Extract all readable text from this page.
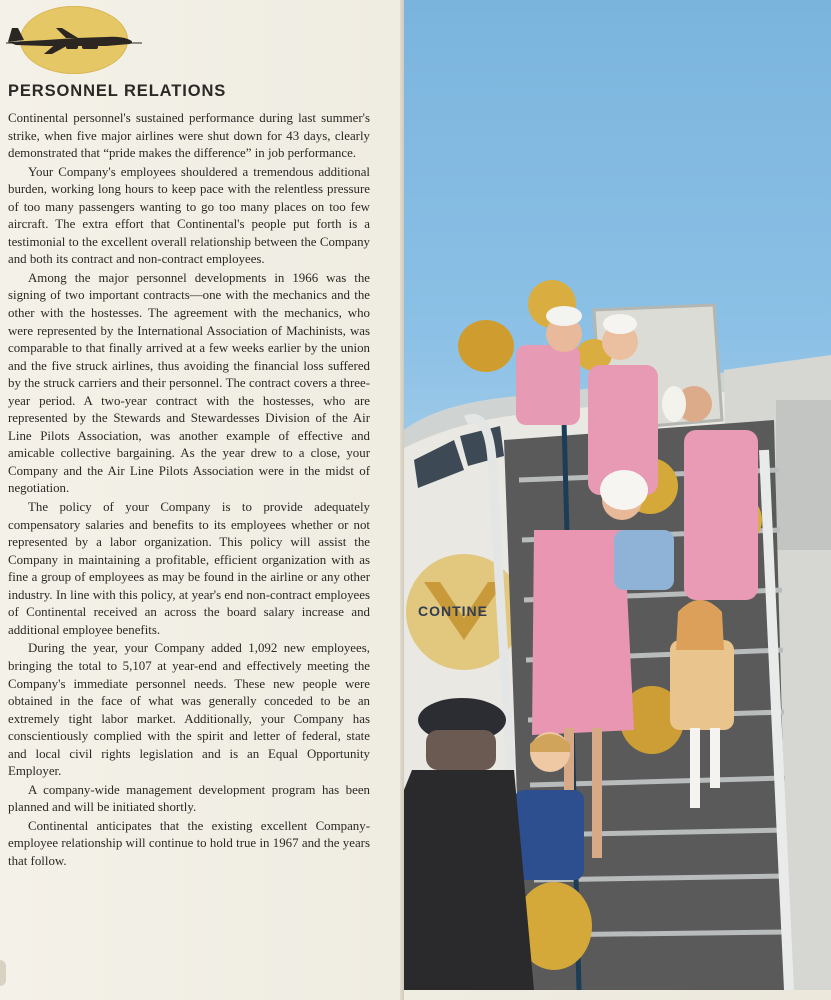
PERSONNEL RELATIONS

Continental personnel's sustained performance during last summer's strike, when five major airlines were shut down for 43 days, clearly demonstrated that “pride makes the difference” in job performance.

Your Company's employees shouldered a tremendous additional burden, working long hours to keep pace with the relentless pressure of too many passengers wanting to go too many places on too few aircraft. The extra effort that Continental's people put forth is a testimonial to the excellent overall relationship between the Company and both its contract and non-contract employees.

Among the major personnel developments in 1966 was the signing of two important contracts—one with the mechanics and the other with the hostesses. The agreement with the mechanics, who were represented by the International Association of Machinists, was comparable to that finally arrived at a few weeks earlier by the union and the five struck airlines, thus avoiding the financial loss suffered by the struck carriers and their personnel. The contract covers a three-year period. A two-year contract with the hostesses, who are represented by the Stewards and Stewardesses Division of the Air Line Pilots Association, was another example of effective and amicable collective bargaining. As the year drew to a close, your Company and the Air Line Pilots Association were in the midst of negotiation.

The policy of your Company is to provide adequately compensatory salaries and benefits to its employees whether or not represented by a labor organization. This policy will assist the Company in maintaining a profitable, efficient organization with as fine a group of employees as may be found in the airline or any other industry. In line with this policy, at year's end non-contract employees of Continental received an across the board salary increase and additional employee benefits.

During the year, your Company added 1,092 new employees, bringing the total to 5,107 at year-end and effectively meeting the Company's immediate personnel needs. These new people were obtained in the face of what was generally conceded to be an extremely tight labor market. Additionally, your Company has conscientiously complied with the spirit and letter of federal, state and local civil rights legislation and is an Equal Opportunity Employer.

A company-wide management development program has been planned and will be initiated shortly.

Continental anticipates that the existing excellent Company-employee relationship will continue to hold true in 1967 and the years that follow.

CONTINE
